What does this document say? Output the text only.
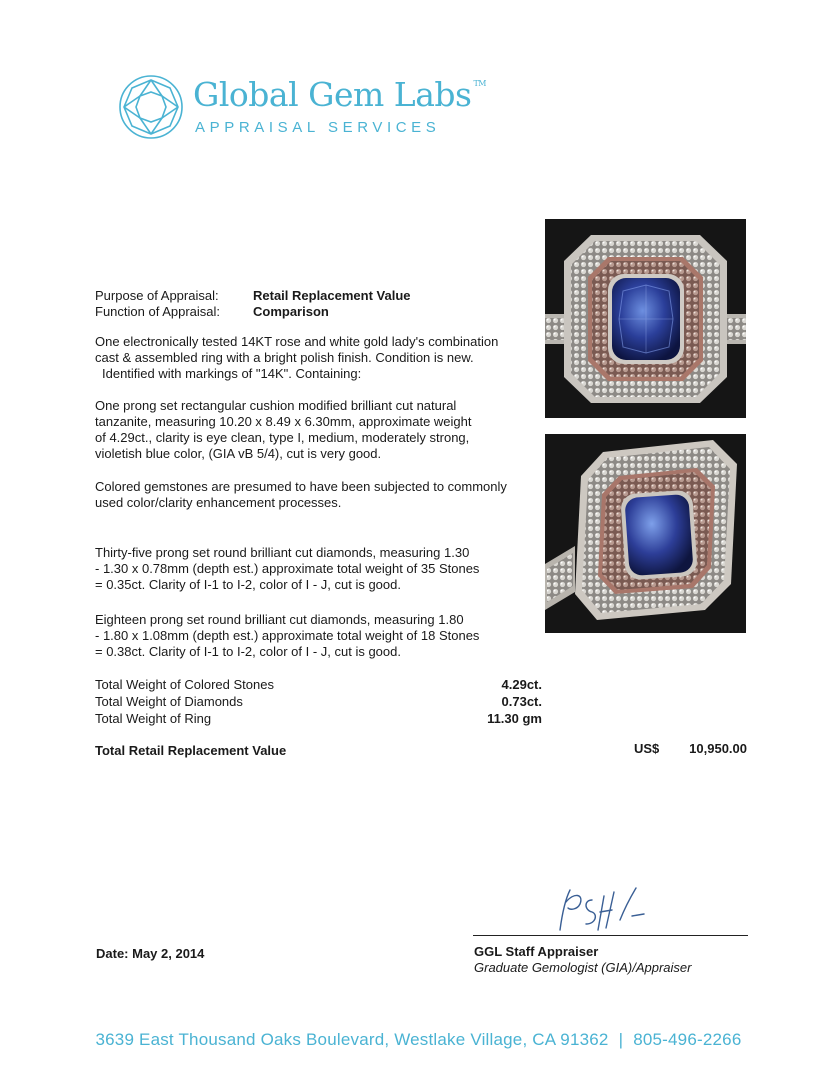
Global Gem Labs ™
APPRAISAL SERVICES
Purpose of Appraisal:	Retail Replacement Value
Function of Appraisal:	Comparison
One electronically tested 14KT rose and white gold lady's combination
cast & assembled ring with a bright polish finish. Condition is new.
Identified with markings of "14K". Containing:
One prong set rectangular cushion modified brilliant cut natural
tanzanite, measuring 10.20 x 8.49 x 6.30mm, approximate weight
of 4.29ct., clarity is eye clean, type I, medium, moderately strong,
violetish blue color, (GIA vB 5/4), cut is very good.
Colored gemstones are presumed to have been subjected to commonly
used color/clarity enhancement processes.
Thirty-five prong set round brilliant cut diamonds, measuring 1.30
- 1.30 x 0.78mm (depth est.) approximate total weight of 35 Stones
= 0.35ct. Clarity of I-1 to I-2, color of I - J, cut is good.
Eighteen prong set round brilliant cut diamonds, measuring 1.80
- 1.80 x 1.08mm (depth est.) approximate total weight of 18 Stones
= 0.38ct. Clarity of I-1 to I-2, color of I - J, cut is good.
Total Weight of Colored Stones	4.29ct.
Total Weight of Diamonds	0.73ct.
Total Weight of Ring	11.30 gm
Total Retail Replacement Value	US$	10,950.00
Date: May 2, 2014	GGL Staff Appraiser
Graduate Gemologist (GIA)/Appraiser
3639 East Thousand Oaks Boulevard, Westlake Village, CA 91362 | 805-496-2266
